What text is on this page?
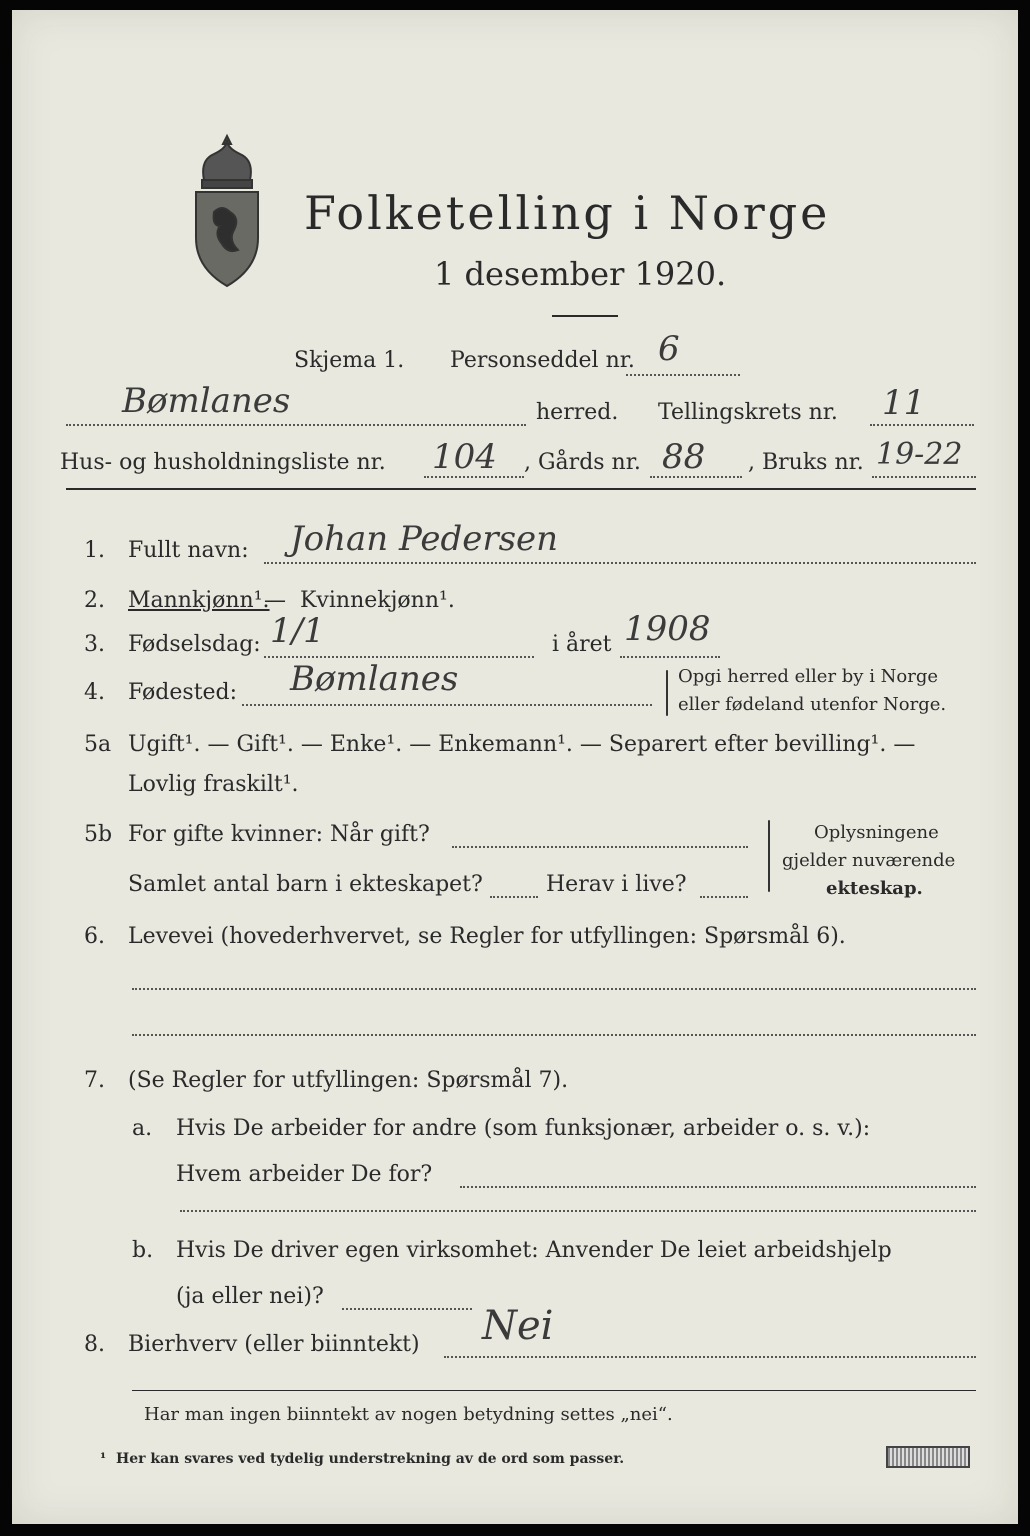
Folketelling i Norge
1 desember 1920.
Skjema 1. Personseddel nr. 6
Bømlanes	herred. Tellingskrets nr. 11
Hus- og husholdningsliste nr. 104 , Gårds nr. 88 , Bruks nr. 19-22
1. Fullt navn: Johan Pedersen
2. Mannkjønn¹.
— Kvinnekjønn¹.
3. Fødselsdag: 1/1	i året 1908
4. Fødested: Bømlanes	Opgi herred eller by i Norge
eller fødeland utenfor Norge.
5a Ugift¹. — Gift¹. — Enke¹. — Enkemann¹. — Separert efter bevilling¹. —
Lovlig fraskilt¹.
5b For gifte kvinner: Når gift?
Samlet antal barn i ekteskapet?	Herav i live?
Oplysningene
gjelder nuværende
ekteskap.
6. Levevei (hovederhvervet, se Regler for utfyllingen: Spørsmål 6).
7. (Se Regler for utfyllingen: Spørsmål 7).
a. Hvis De arbeider for andre (som funksjonær, arbeider o. s. v.):
Hvem arbeider De for?
b. Hvis De driver egen virksomhet: Anvender De leiet arbeidshjelp
(ja eller nei)?
8. Bierhverv (eller biinntekt) Nei
Har man ingen biinntekt av nogen betydning settes „nei“.
¹ Her kan svares ved tydelig understrekning av de ord som passer.
